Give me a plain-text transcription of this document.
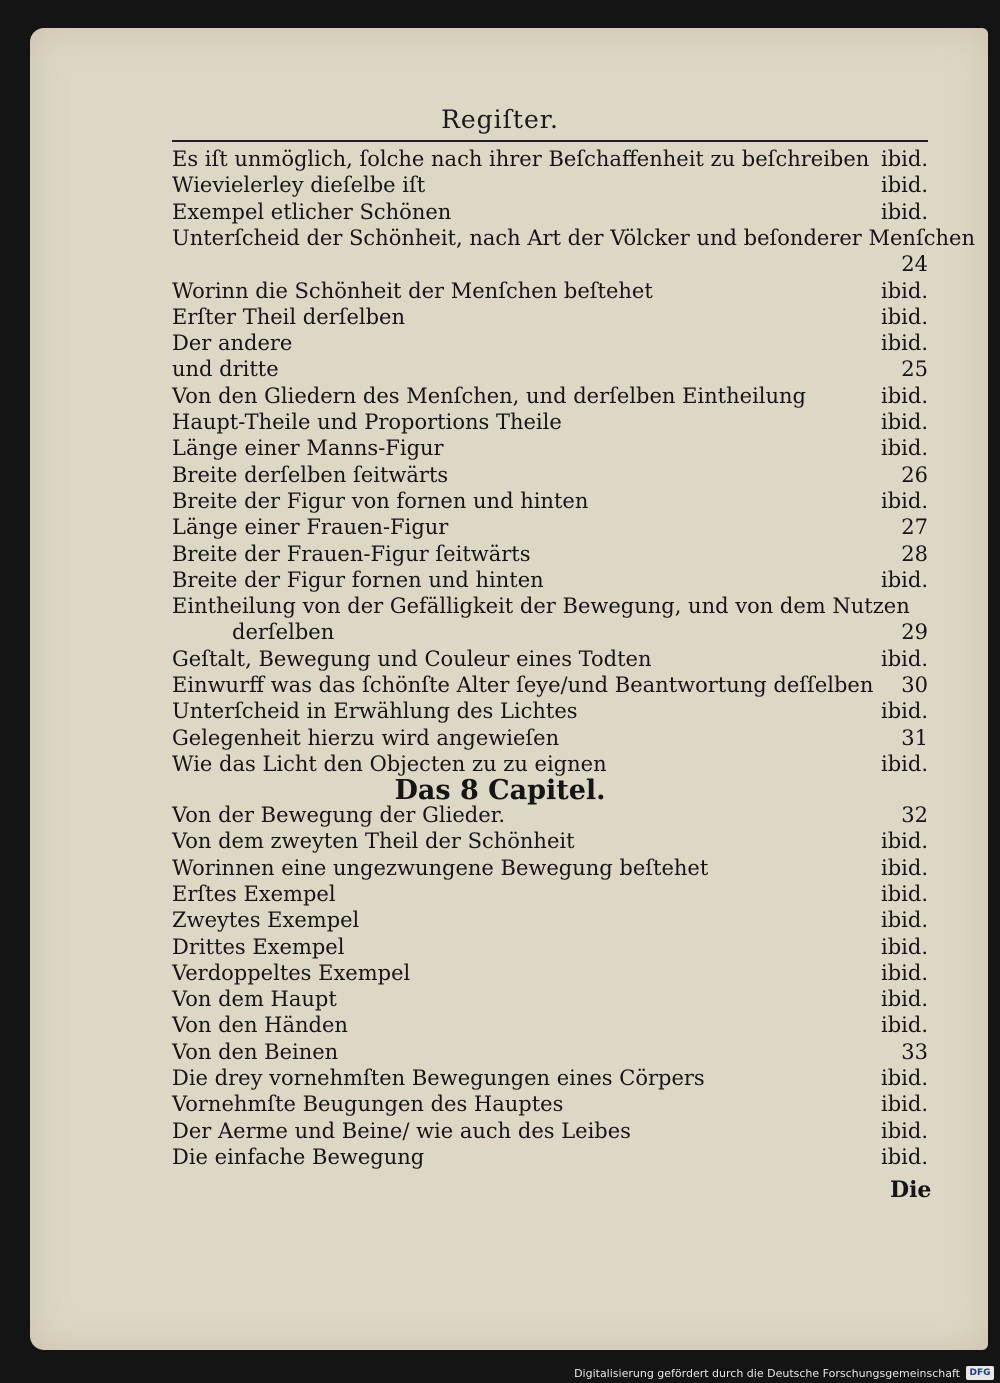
Regiſter.
Es iſt unmöglich, ſolche nach ihrer Beſchaffenheit zu beſchreiben ibid.
Wievielerley dieſelbe iſt	ibid.
Exempel etlicher Schönen	ibid.
Unterſcheid der Schönheit, nach Art der Völcker und beſonderer Menſchen
24
Worinn die Schönheit der Menſchen beſtehet	ibid.
Erſter Theil derſelben	ibid.
Der andere	ibid.
und dritte	25
Von den Gliedern des Menſchen, und derſelben Eintheilung	ibid.
Haupt-Theile und Proportions Theile	ibid.
Länge einer Manns-Figur	ibid.
Breite derſelben ſeitwärts	26
Breite der Figur von fornen und hinten	ibid.
Länge einer Frauen-Figur	27
Breite der Frauen-Figur ſeitwärts	28
Breite der Figur fornen und hinten	ibid.
Eintheilung von der Gefälligkeit der Bewegung, und von dem Nutzen
derſelben	29
Geſtalt, Bewegung und Couleur eines Todten	ibid.
Einwurff was das ſchönſte Alter ſeye/und Beantwortung deſſelben 30
Unterſcheid in Erwählung des Lichtes	ibid.
Gelegenheit hierzu wird angewieſen	31
Wie das Licht den Objecten zu zu eignen	ibid.
Von der Bewegung der Glieder.	32
Von dem zweyten Theil der Schönheit	ibid.
Worinnen eine ungezwungene Bewegung beſtehet	ibid.
Erſtes Exempel	ibid.
Zweytes Exempel	ibid.
Drittes Exempel	ibid.
Verdoppeltes Exempel	ibid.
Von dem Haupt	ibid.
Von den Händen	ibid.
Von den Beinen	33
Die drey vornehmſten Bewegungen eines Cörpers	ibid.
Vornehmſte Beugungen des Hauptes	ibid.
Der Aerme und Beine/ wie auch des Leibes	ibid.
Die einfache Bewegung	ibid.
Das 8 Capitel.
Die
Digitalisierung gefördert durch die Deutsche Forschungsgemeinschaft	DFG
